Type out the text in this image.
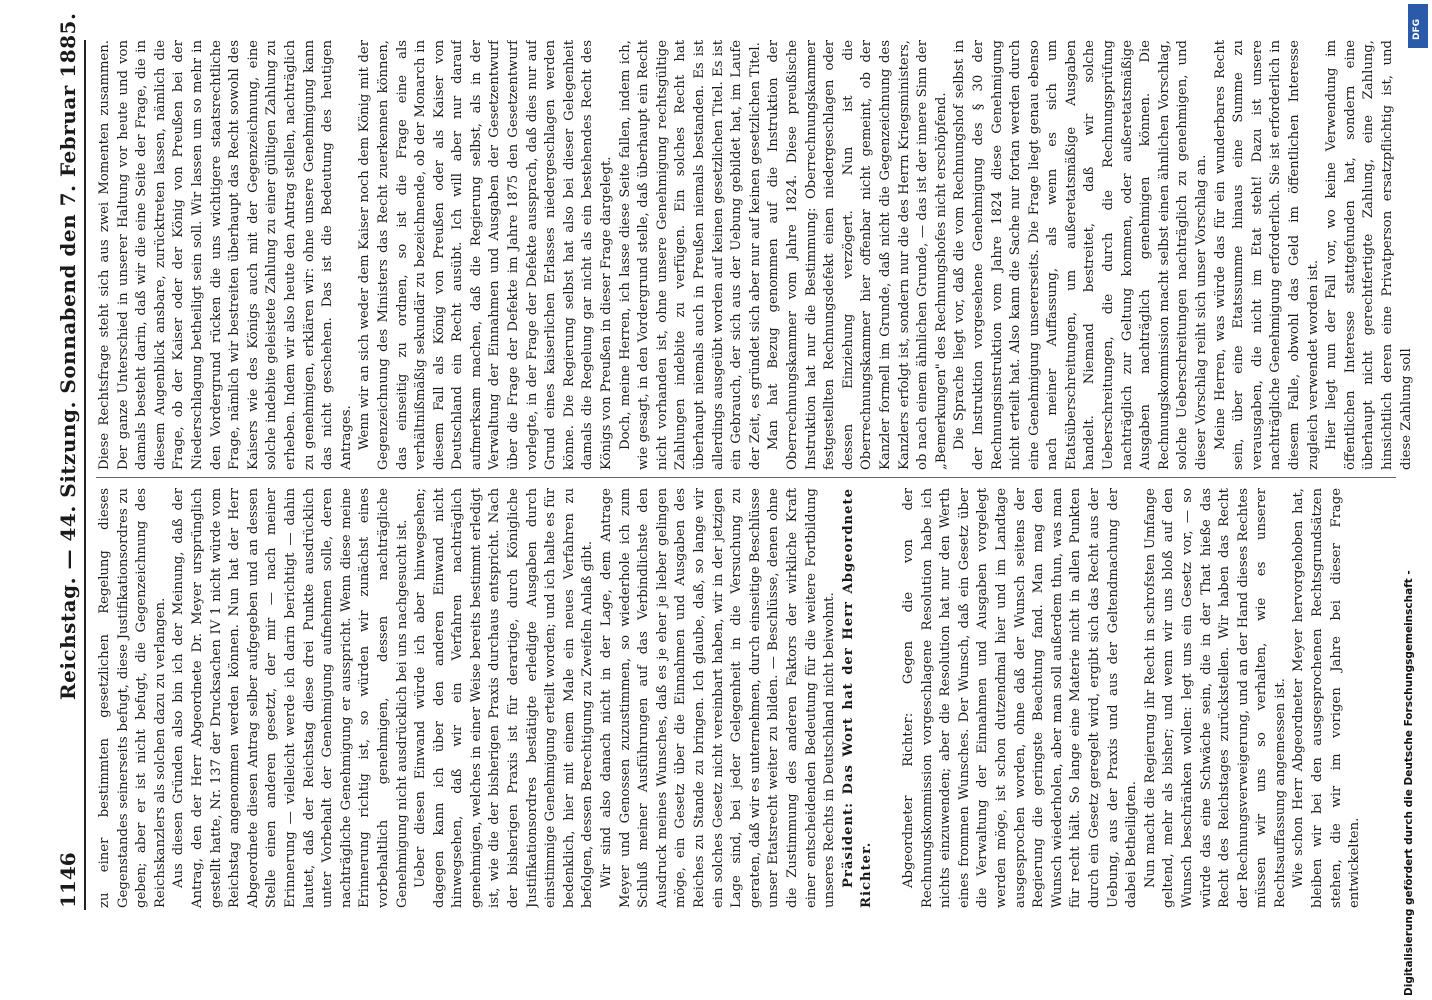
1146
Reichstag. — 44. Sitzung. Sonnabend den 7. Februar 1885. zu einer bestimmten gesetzlichen Regelung dieses Gegenstandes seinerseits befugt, diese Justifikationsordres zu geben; aber er ist nicht befugt, die Gegenzeichnung des Reichskanzlers als solchen dazu zu verlangen. Aus diesen Gründen also bin ich der Meinung, daß der Antrag, den der Herr Abgeordnete Dr. Meyer ursprünglich gestellt hatte, Nr. 137 der Drucksachen IV 1 nicht würde vom Reichstag angenommen werden können. Nun hat der Herr Abgeordnete diesen Antrag selber aufgegeben und an dessen Stelle einen anderen gesetzt, der mir — nach meiner Erinnerung — vielleicht werde ich darin berichtigt — dahin lautet, daß der Reichstag diese drei Punkte ausdrücklich unter Vorbehalt der Genehmigung aufnehmen solle, deren nachträgliche Genehmigung er ausspricht. Wenn diese meine Erinnerung richtig ist, so würden wir zunächst eines vorbehaltlich genehmigen, dessen nachträgliche Genehmigung nicht ausdrücklich bei uns nachgesucht ist. Ueber diesen Einwand würde ich aber hinwegsehen; dagegen kann ich über den anderen Einwand nicht hinwegsehen, daß wir ein Verfahren nachträglich genehmigen, welches in einer Weise bereits bestimmt erledigt ist, wie die der bisherigen Praxis durchaus entspricht. Nach der bisherigen Praxis ist für derartige, durch Königliche Justifikationsordres bestätigte erledigte Ausgaben durch einstimmige Genehmigung erteilt worden; und ich halte es für bedenklich, hier mit einem Male ein neues Verfahren zu befolgen, dessen Berechtigung zu Zweifeln Anlaß gibt. Wir sind also danach nicht in der Lage, dem Antrage Meyer und Genossen zuzustimmen, so wiederhole ich zum Schluß meiner Ausführungen auf das Verbindlichste den Ausdruck meines Wunsches, daß es je eher je lieber gelingen möge, ein Gesetz über die Einnahmen und Ausgaben des Reiches zu Stande zu bringen. Ich glaube, daß, so lange wir ein solches Gesetz nicht vereinbart haben, wir in der jetzigen Lage sind, bei jeder Gelegenheit in die Versuchung zu geraten, daß wir es unternehmen, durch einseitige Beschlüsse unser Etatsrecht weiter zu bilden. — Beschlüsse, denen ohne die Zustimmung des anderen Faktors der wirkliche Kraft einer entscheidenden Bedeutung für die weitere Fortbildung unseres Rechts in Deutschland nicht beiwohnt. Präsident: Das Wort hat der Herr Abgeordnete Richter. Abgeordneter Richter: Gegen die von der Rechnungskommission vorgeschlagene Resolution habe ich nichts einzuwenden; aber die Resolution hat nur den Werth eines frommen Wunsches. Der Wunsch, daß ein Gesetz über die Verwaltung der Einnahmen und Ausgaben vorgelegt werden möge, ist schon dutzendmal hier und im Landtage ausgesprochen worden, ohne daß der Wunsch seitens der Regierung die geringste Beachtung fand. Man mag den Wunsch wiederholen, aber man soll außerdem thun, was man für recht hält. So lange eine Materie nicht in allen Punkten durch ein Gesetz geregelt wird, ergibt sich das Recht aus der Uebung, aus der Praxis und aus der Geltendmachung der dabei Betheiligten. Nun macht die Regierung ihr Recht in schrofsten Umfange geltend, mehr als bisher; und wenn wir uns bloß auf den Wunsch beschränken wollen: legt uns ein Gesetz vor, — so würde das eine Schwäche sein, die in der That hieße das Recht des Reichstages zurückstellen. Wir haben das Recht der Rechnungsverweigerung, und an der Hand dieses Rechtes müssen wir uns so verhalten, wie es unserer Rechtsauffassung angemessen ist. Wie schon Herr Abgeordneter Meyer hervorgehoben hat, bleiben wir bei den ausgesprochenen Rechtsgrundsätzen stehen, die wir im vorigen Jahre bei dieser Frage entwickelten.

Diese Rechtsfrage steht sich aus zwei Momenten zusammen. Der ganze Unterschied in unserer Haltung vor heute und von damals besteht darin, daß wir die eine Seite der Frage, die in diesem Augenblick ansbare, zurücktreten lassen, nämlich die Frage, ob der Kaiser oder der König von Preußen bei der Niederschlagung betheiligt sein soll. Wir lassen um so mehr in den Vordergrund rücken die uns wichtigere staatsrechtliche Frage, nämlich wir bestreiten überhaupt das Recht sowohl des Kaisers wie des Königs auch mit der Gegenzeichnung, eine solche indebite geleistete Zahlung zu einer gültigen Zahlung zu erheben. Indem wir also heute den Antrag stellen, nachträglich zu genehmigen, erklären wir: ohne unsere Genehmigung kann das nicht geschehen. Das ist die Bedeutung des heutigen Antrages. Wenn wir an sich weder dem Kaiser noch dem König mit der Gegenzeichnung des Ministers das Recht zuerkennen können, das einseitig zu ordnen, so ist die Frage eine als verhältnißmäßig sekundär zu bezeichnende, ob der Monarch in diesem Fall als König von Preußen oder als Kaiser von Deutschland ein Recht ausübt. Ich will aber nur darauf aufmerksam machen, daß die Regierung selbst, als in der Verwaltung der Einnahmen und Ausgaben der Gesetzentwurf über die Frage der Defekte im Jahre 1875 den Gesetzentwurf vorlegte, in der Frage der Defekte aussprach, daß dies nur auf Grund eines kaiserlichen Erlasses niedergeschlagen werden könne. Die Regierung selbst hat also bei dieser Gelegenheit damals die Regelung gar nicht als ein bestehendes Recht des Königs von Preußen in dieser Frage dargelegt. Doch, meine Herren, ich lasse diese Seite fallen, indem ich, wie gesagt, in den Vordergrund stelle, daß überhaupt ein Recht nicht vorhanden ist, ohne unsere Genehmigung rechtsgültige Zahlungen indebite zu verfügen. Ein solches Recht hat überhaupt niemals auch in Preußen niemals bestanden. Es ist allerdings ausgeübt worden auf keinen gesetzlichen Titel. Es ist ein Gebrauch, der sich aus der Uebung gebildet hat, im Laufe der Zeit, es gründet sich aber nur auf keinen gesetzlichen Titel. Man hat Bezug genommen auf die Instruktion der Oberrechnungskammer vom Jahre 1824. Diese preußische Instruktion hat nur die Bestimmung: Oberrechnungskammer festgestellten Rechnungsdefekt einen niedergeschlagen oder dessen Einziehung verzögert. Nun ist die Oberrechnungskammer hier offenbar nicht gemeint, ob der Kanzler formell im Grunde, daß nicht die Gegenzeichnung des Kanzlers erfolgt ist, sondern nur die des Herrn Kriegsministers, ob nach einem ähnlichen Grunde, — das ist der innere Sinn der „Bemerkungen" des Rechnungshofes nicht erschöpfend. Die Sprache liegt vor, daß die vom Rechnungshof selbst in der Instruktion vorgesehene Genehmigung des § 30 der Rechnungsinstruktion vom Jahre 1824 diese Genehmigung nicht erteilt hat. Also kann die Sache nur fortan werden durch eine Genehmigung unsererseits. Die Frage liegt genau ebenso nach meiner Auffassung, als wenn es sich um Etatsüberschreitungen, um außeretatsmäßige Ausgaben handelt. Niemand bestreitet, daß wir solche Ueberschreitungen, die durch die Rechnungsprüfung nachträglich zur Geltung kommen, oder außeretatsmäßige Ausgaben nachträglich genehmigen können. Die Rechnungskommission macht selbst einen ähnlichen Vorschlag, solche Ueberschreitungen nachträglich zu genehmigen, und dieser Vorschlag reiht sich unser Vorschlag an. Meine Herren, was würde das für ein wunderbares Recht sein, über eine Etatssumme hinaus eine Summe zu verausgaben, die nicht im Etat steht! Dazu ist unsere nachträgliche Genehmigung erforderlich. Sie ist erforderlich in diesem Falle, obwohl das Geld im öffentlichen Interesse zugleich verwendet worden ist. Hier liegt nun der Fall vor, wo keine Verwendung im öffentlichen Interesse stattgefunden hat, sondern eine überhaupt nicht gerechtfertigte Zahlung, eine Zahlung, hinsichtlich deren eine Privatperson ersatzpflichtig ist, und diese Zahlung soll

Digitalisierung gefördert durch die Deutsche Forschungsgemeinschaft -
DFG
